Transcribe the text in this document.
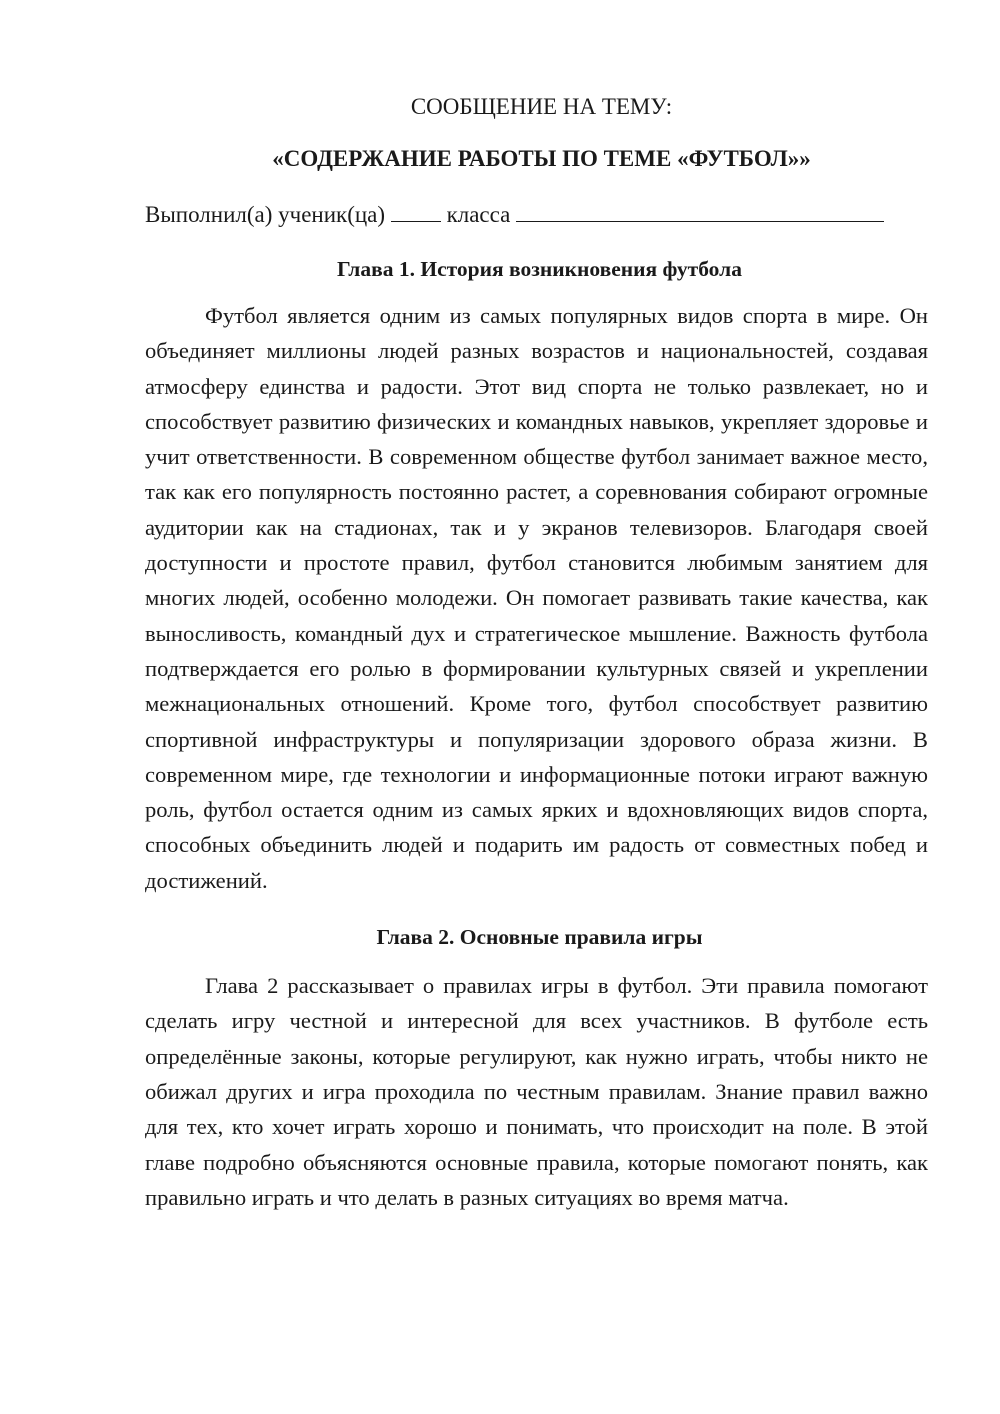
СООБЩЕНИЕ НА ТЕМУ:

«СОДЕРЖАНИЕ РАБОТЫ ПО ТЕМЕ «ФУТБОЛ»»

Выполнил(а) ученик(ца)	класса
Глава 1. История возникновения футбола

Футбол является одним из самых популярных видов спорта в мире. Он объединяет миллионы людей разных возрастов и национальностей, создавая атмосферу единства и радости. Этот вид спорта не только развлекает, но и способствует развитию физических и командных навыков, укрепляет здоровье и учит ответственности. В современном обществе футбол занимает важное место, так как его популярность постоянно растет, а соревнования собирают огромные аудитории как на стадионах, так и у экранов телевизоров. Благодаря своей доступности и простоте правил, футбол становится любимым занятием для многих людей, особенно молодежи. Он помогает развивать такие качества, как выносливость, командный дух и стратегическое мышление. Важность футбола подтверждается его ролью в формировании культурных связей и укреплении межнациональных отношений. Кроме того, футбол способствует развитию спортивной инфраструктуры и популяризации здорового образа жизни. В современном мире, где технологии и информационные потоки играют важную роль, футбол остается одним из самых ярких и вдохновляющих видов спорта, способных объединить людей и подарить им радость от совместных побед и достижений.

Глава 2. Основные правила игры

Глава 2 рассказывает о правилах игры в футбол. Эти правила помогают сделать игру честной и интересной для всех участников. В футболе есть определённые законы, которые регулируют, как нужно играть, чтобы никто не обижал других и игра проходила по честным правилам. Знание правил важно для тех, кто хочет играть хорошо и понимать, что происходит на поле. В этой главе подробно объясняются основные правила, которые помогают понять, как правильно играть и что делать в разных ситуациях во время матча.
